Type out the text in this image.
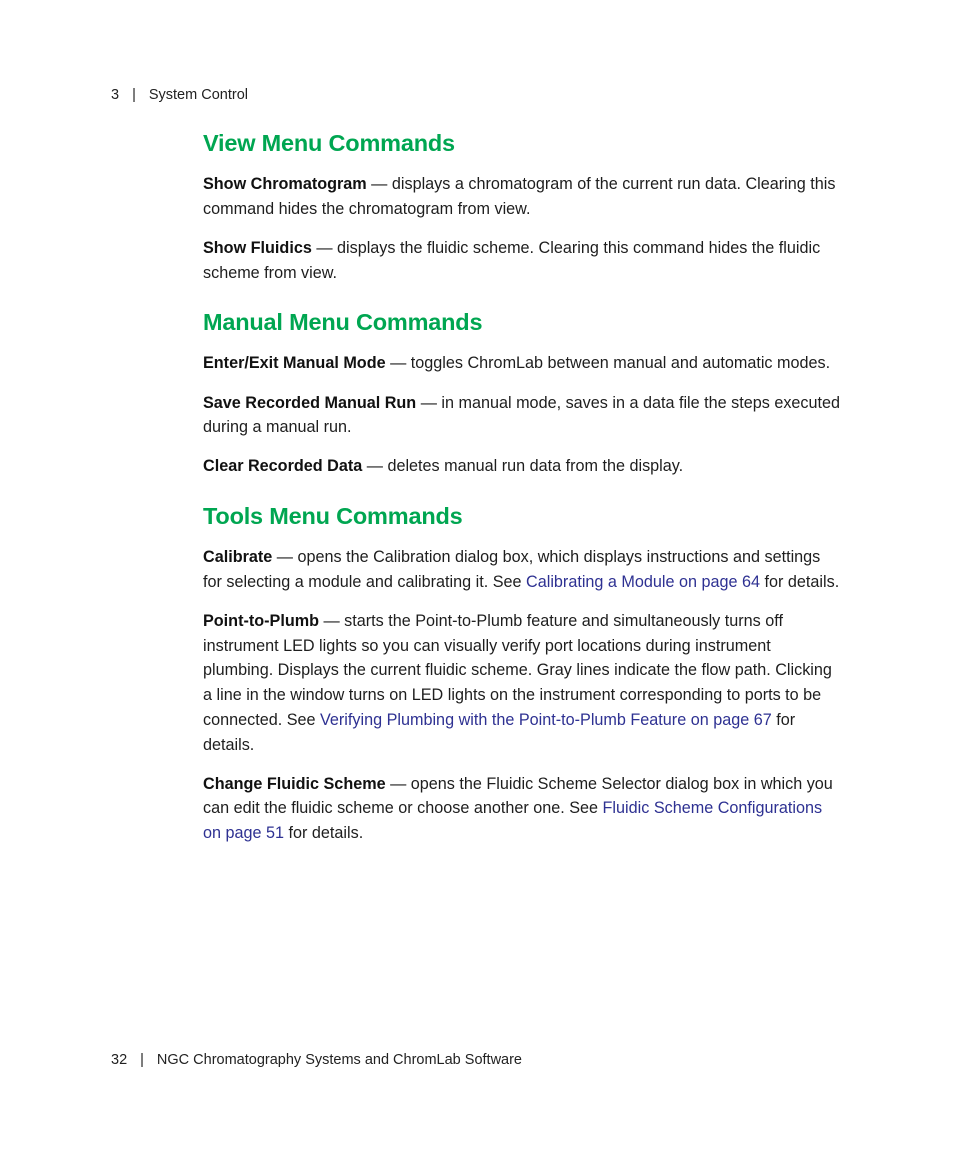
3 | System Control
View Menu Commands

Show Chromatogram — displays a chromatogram of the current run data. Clearing this command hides the chromatogram from view.

Show Fluidics — displays the fluidic scheme. Clearing this command hides the fluidic scheme from view.

Manual Menu Commands

Enter/Exit Manual Mode — toggles ChromLab between manual and automatic modes.

Save Recorded Manual Run — in manual mode, saves in a data file the steps executed during a manual run.

Clear Recorded Data — deletes manual run data from the display.

Tools Menu Commands

Calibrate — opens the Calibration dialog box, which displays instructions and settings for selecting a module and calibrating it. See Calibrating a Module on page 64 for details.

Point-to-Plumb — starts the Point-to-Plumb feature and simultaneously turns off instrument LED lights so you can visually verify port locations during instrument plumbing. Displays the current fluidic scheme. Gray lines indicate the flow path. Clicking a line in the window turns on LED lights on the instrument corresponding to ports to be connected. See Verifying Plumbing with the Point-to-Plumb Feature on page 67 for details.

Change Fluidic Scheme — opens the Fluidic Scheme Selector dialog box in which you can edit the fluidic scheme or choose another one. See Fluidic Scheme Configurations on page 51 for details.

32 | NGC Chromatography Systems and ChromLab Software
